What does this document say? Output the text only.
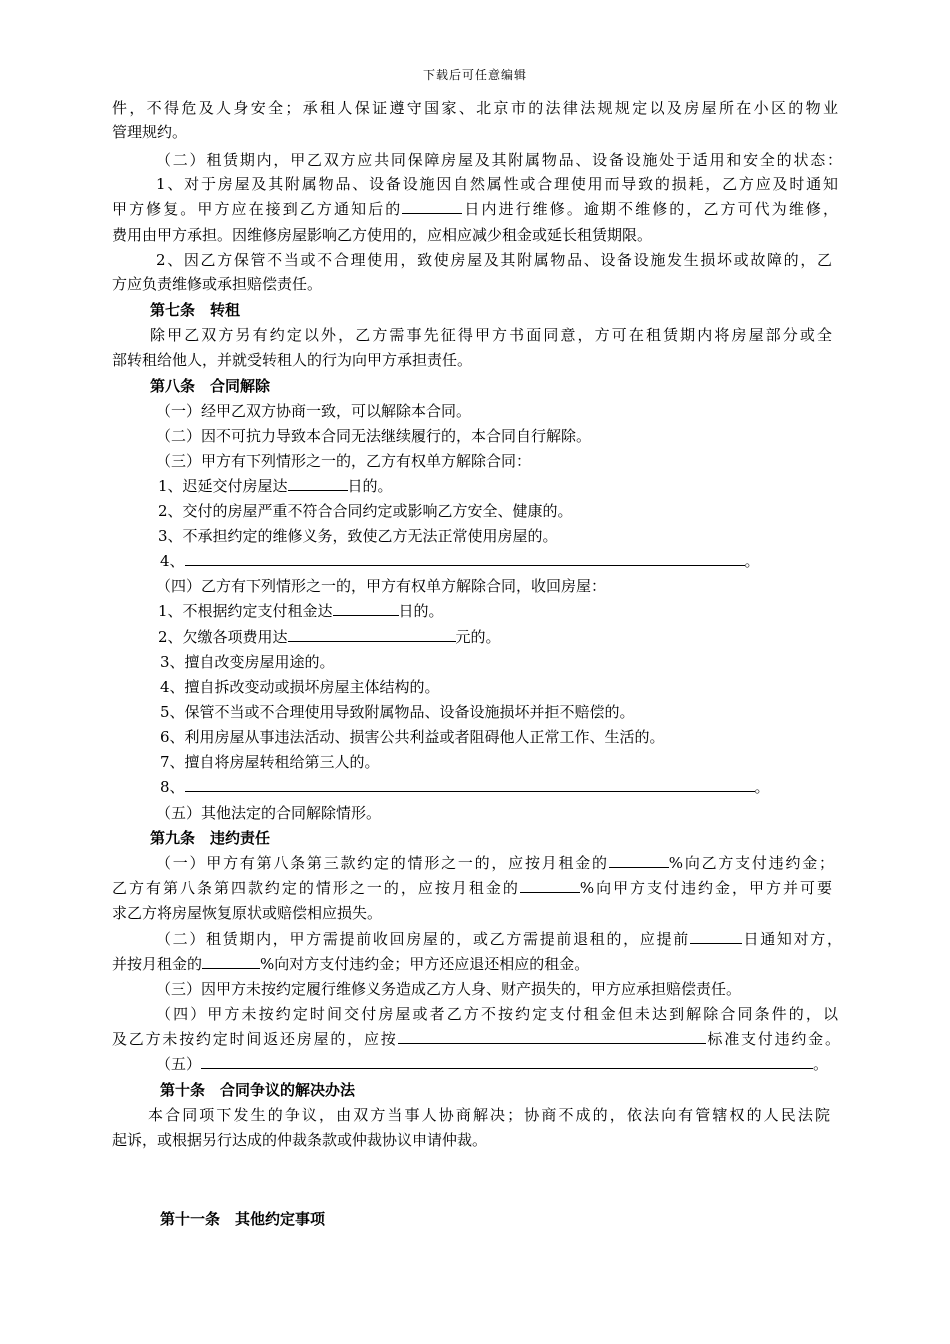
下载后可任意编辑
件，不得危及人身安全；承租人保证遵守国家、北京市的法律法规规定以及房屋所在小区的物业
管理规约。
（二）租赁期内，甲乙双方应共同保障房屋及其附属物品、设备设施处于适用和安全的状态：
1、对于房屋及其附属物品、设备设施因自然属性或合理使用而导致的损耗，乙方应及时通知
甲方修复。甲方应在接到乙方通知后的	日内进行维修。逾期不维修的，乙方可代为维修，
费用由甲方承担。因维修房屋影响乙方使用的，应相应减少租金或延长租赁期限。
2、因乙方保管不当或不合理使用，致使房屋及其附属物品、设备设施发生损坏或故障的，乙
方应负责维修或承担赔偿责任。
第七条　转租
除甲乙双方另有约定以外，乙方需事先征得甲方书面同意，方可在租赁期内将房屋部分或全
部转租给他人，并就受转租人的行为向甲方承担责任。
第八条　合同解除
（一）经甲乙双方协商一致，可以解除本合同。
（二）因不可抗力导致本合同无法继续履行的，本合同自行解除。
（三）甲方有下列情形之一的，乙方有权单方解除合同：
1、迟延交付房屋达	日的。
2、交付的房屋严重不符合合同约定或影响乙方安全、健康的。
3、不承担约定的维修义务，致使乙方无法正常使用房屋的。
4、	。
（四）乙方有下列情形之一的，甲方有权单方解除合同，收回房屋：
1、不根据约定支付租金达	日的。
2、欠缴各项费用达	元的。
3、擅自改变房屋用途的。
4、擅自拆改变动或损坏房屋主体结构的。
5、保管不当或不合理使用导致附属物品、设备设施损坏并拒不赔偿的。
6、利用房屋从事违法活动、损害公共利益或者阻碍他人正常工作、生活的。
7、擅自将房屋转租给第三人的。
8、	。
（五）其他法定的合同解除情形。
第九条　违约责任
（一）甲方有第八条第三款约定的情形之一的，应按月租金的	%向乙方支付违约金；
乙方有第八条第四款约定的情形之一的，应按月租金的	%向甲方支付违约金，甲方并可要
求乙方将房屋恢复原状或赔偿相应损失。
（二）租赁期内，甲方需提前收回房屋的，或乙方需提前退租的，应提前	日通知对方，
并按月租金的	%向对方支付违约金；甲方还应退还相应的租金。
（三）因甲方未按约定履行维修义务造成乙方人身、财产损失的，甲方应承担赔偿责任。
（四）甲方未按约定时间交付房屋或者乙方不按约定支付租金但未达到解除合同条件的，以
及乙方未按约定时间返还房屋的，应按	标准支付违约金。
（五）	。
第十条　合同争议的解决办法
本合同项下发生的争议，由双方当事人协商解决；协商不成的，依法向有管辖权的人民法院
起诉，或根据另行达成的仲裁条款或仲裁协议申请仲裁。
第十一条　其他约定事项
